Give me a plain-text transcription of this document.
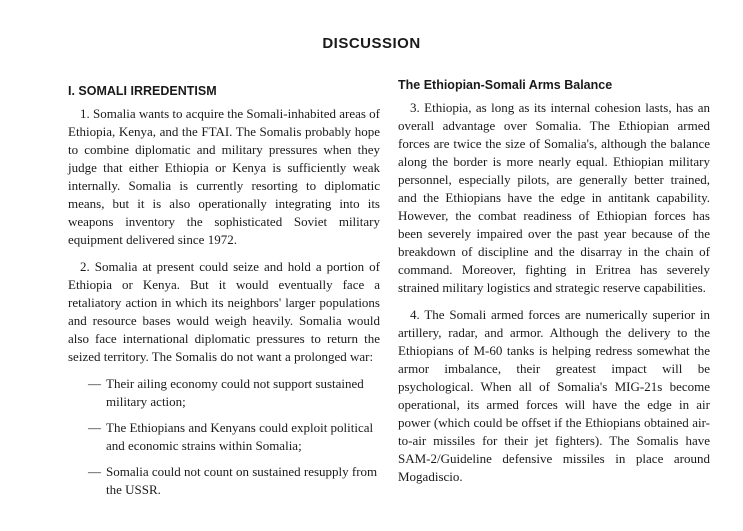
DISCUSSION
I. SOMALI IRREDENTISM

1. Somalia wants to acquire the Somali-inhabited areas of Ethiopia, Kenya, and the FTAI. The Somalis probably hope to combine diplomatic and military pressures when they judge that either Ethiopia or Kenya is sufficiently weak internally. Somalia is currently resorting to diplomatic means, but it is also operationally integrating into its weapons inventory the sophisticated Soviet military equipment delivered since 1972.

2. Somalia at present could seize and hold a portion of Ethiopia or Kenya. But it would eventually face a retaliatory action in which its neighbors' larger populations and resource bases would weigh heavily. Somalia would also face international diplomatic pressures to return the seized territory. The Somalis do not want a prolonged war:

— Their ailing economy could not support sustained military action;
— The Ethiopians and Kenyans could exploit political and economic strains within Somalia;
— Somalia could not count on sustained resupply from the USSR.
The Ethiopian-Somali Arms Balance

3. Ethiopia, as long as its internal cohesion lasts, has an overall advantage over Somalia. The Ethiopian armed forces are twice the size of Somalia's, although the balance along the border is more nearly equal. Ethiopian military personnel, especially pilots, are generally better trained, and the Ethiopians have the edge in antitank capability. However, the combat readiness of Ethiopian forces has been severely impaired over the past year because of the breakdown of discipline and the disarray in the chain of command. Moreover, fighting in Eritrea has severely strained military logistics and strategic reserve capabilities.

4. The Somali armed forces are numerically superior in artillery, radar, and armor. Although the delivery to the Ethiopians of M-60 tanks is helping redress somewhat the armor imbalance, their greatest impact will be psychological. When all of Somalia's MIG-21s become operational, its armed forces will have the edge in air power (which could be offset if the Ethiopians obtained air-to-air missiles for their jet fighters). The Somalis have SAM-2/Guideline defensive missiles in place around Mogadiscio.
